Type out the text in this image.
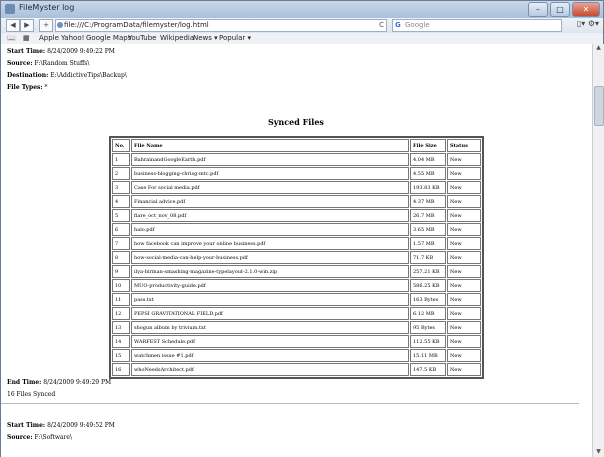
FileMyster log	–	□	✕
◀	▶	+	file:///C:/ProgramData/filemyster/log.html	C G Google	▯▾ ⚙▾
📖 ▦ Apple Yahoo! Google Maps
YouTube Wikipedia
News ▾ Popular ▾
Start Time: 8/24/2009 9:49:22 PM
Source: F:\Random Stuffs\
Destination: E:\AddictiveTips\Backup\
File Types: *
End Time: 8/24/2009 9:49:29 PM
16 Files Synced
Start Time: 8/24/2009 9:49:52 PM
Source: F:\Software\
Synced Files
No.	File Name	File Size	Status
1	BahrainandGoogleEarth.pdf	4.04 MB	New
2	business-blogging-chrisg-mtc.pdf	4.55 MB	New
3	Case For social media.pdf	193.83 KB	New
4	Financial advice.pdf	4.37 MB	New
5	flare_oct_nov_08.pdf	26.7 MB	New
6	halo.pdf	3.65 MB	New
7	how facebook can improve your online business.pdf	1.57 MB	New
8	how-social-media-can-help-your-business.pdf	71.7 KB	New
9	ilya-birman-smashing-magazine-typelayout-2.1.0-win.zip	257.21 KB	New
10	MUO-productivity-guide.pdf	586.25 KB	New
11	pass.txt	163 Bytes	New
12	PEPSI GRAVITATIONAL FIELD.pdf	6.12 MB	New
13	shogun album by trivium.txt	95 Bytes	New
14	WARFEST Schedule.pdf	112.55 KB	New
15	watchmen issue #1.pdf	15.11 MB	New
16	whoNeedsArchitect.pdf	147.5 KB	New
▲
▼
